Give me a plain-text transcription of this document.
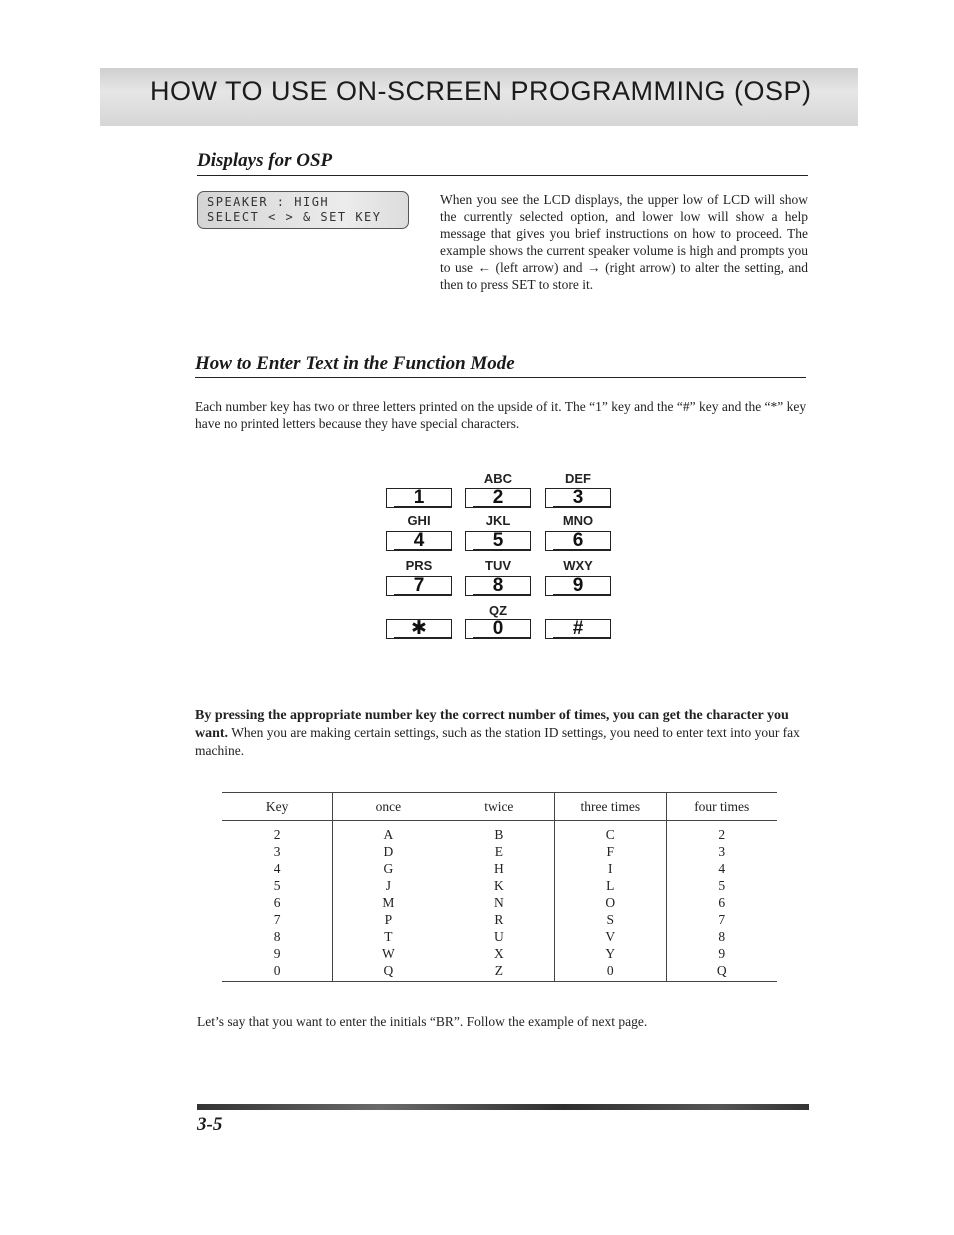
HOW TO USE ON-SCREEN PROGRAMMING (OSP)
Displays for OSP
SPEAKER : HIGH
SELECT < > & SET KEY
When you see the LCD displays, the upper low of LCD will show the currently selected option, and lower low will show a help message that gives you brief instructions on how to proceed. The example shows the current speaker volume is high and prompts you to use ← (left arrow) and → (right arrow) to alter the setting, and then to press SET to store it.
How to Enter Text in the Function Mode
Each number key has two or three letters printed on the upside of it. The “1” key and the “#” key and the “*” key have no printed letters because they have special characters.
ABC	DEF
1	2	3
GHI	JKL	MNO
4	5	6
PRS	TUV	WXY
7	8	9
QZ
✱	0	#
By pressing the appropriate number key the correct number of times, you can get the character you want. When you are making certain settings, such as the station ID settings, you need to enter text into your fax machine.
Key	once	twice	three times	four times
2	A	B	C	2
3	D	E	F	3
4	G	H	I	4
5	J	K	L	5
6	M	N	O	6
7	P	R	S	7
8	T	U	V	8
9	W	X	Y	9
0	Q	Z	0	Q
Let’s say that you want to enter the initials “BR”. Follow the example of next page.
3-5
